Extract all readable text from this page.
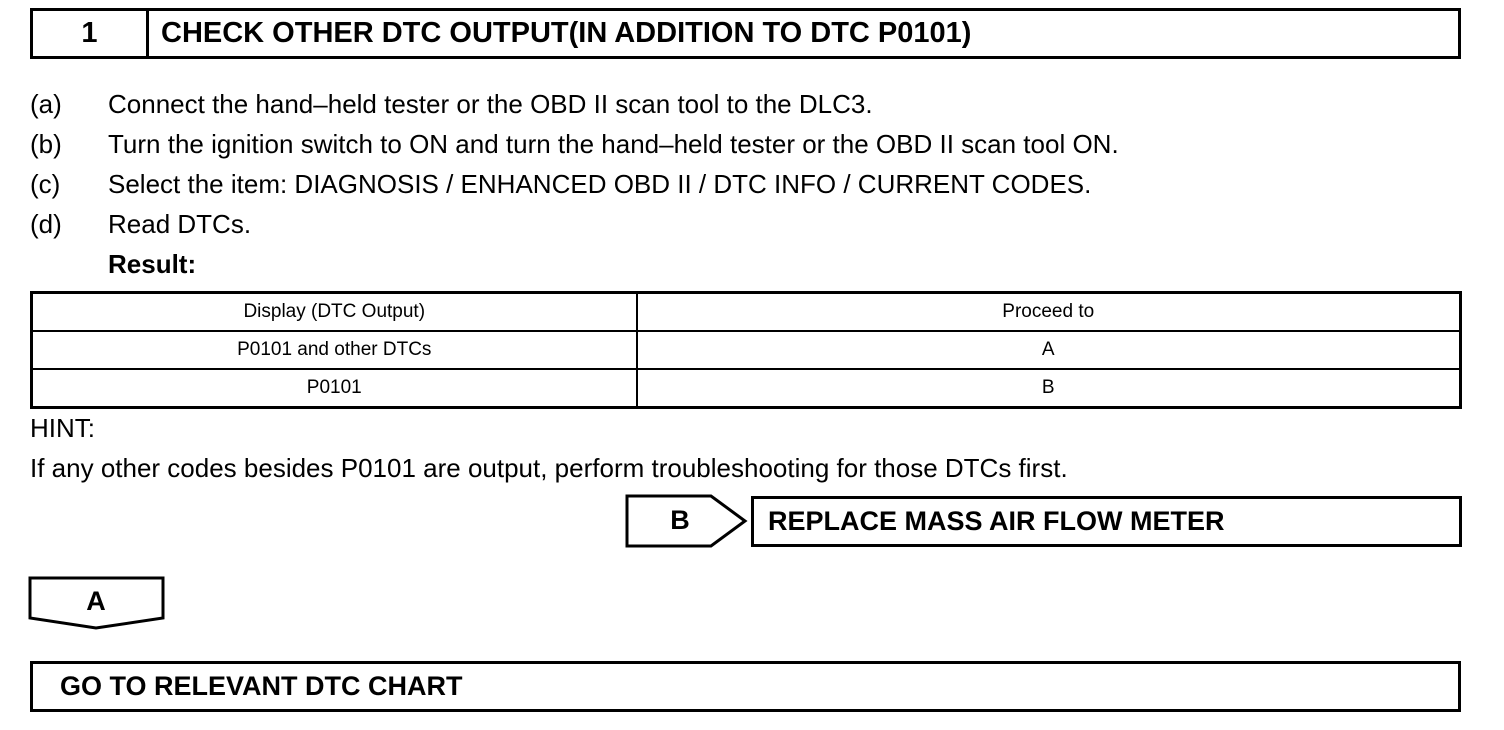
1	CHECK OTHER DTC OUTPUT(IN ADDITION TO DTC P0101)
(a) Connect the hand–held tester or the OBD II scan tool to the DLC3.
(b) Turn the ignition switch to ON and turn the hand–held tester or the OBD II scan tool ON.
(c) Select the item: DIAGNOSIS / ENHANCED OBD II / DTC INFO / CURRENT CODES.
(d) Read DTCs.
Result:
Display (DTC Output)	Proceed to
P0101 and other DTCs	A
P0101	B
HINT:
If any other codes besides P0101 are output, perform troubleshooting for those DTCs first.
B	REPLACE MASS AIR FLOW METER
A
GO TO RELEVANT DTC CHART
